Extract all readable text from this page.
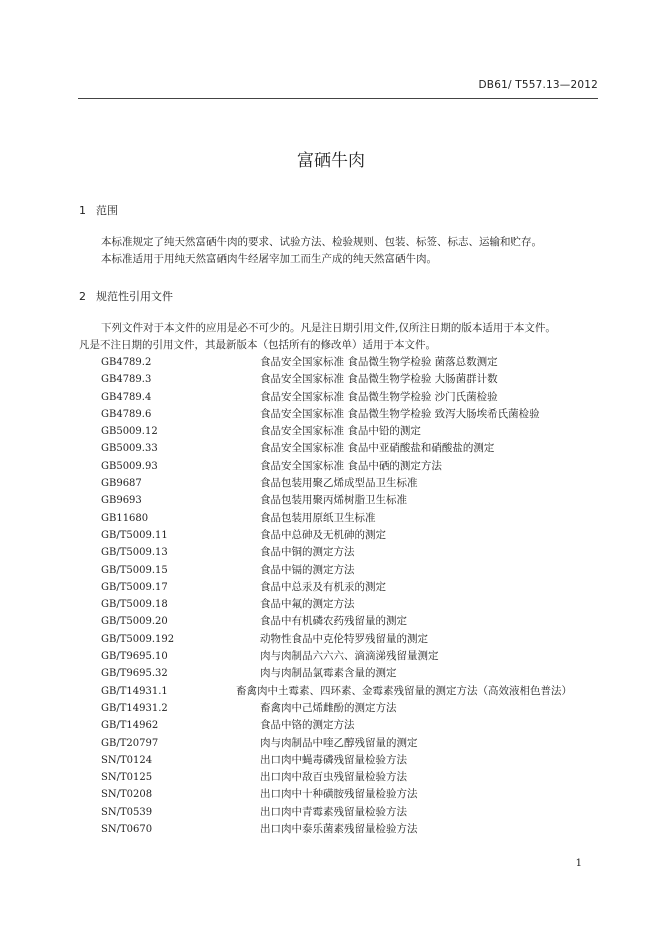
DB61/ T557.13—2012
富硒牛肉
1 范围
本标准规定了纯天然富硒牛肉的要求、试验方法、检验规则、包装、标签、标志、运输和贮存。
本标准适用于用纯天然富硒肉牛经屠宰加工而生产成的纯天然富硒牛肉。
2 规范性引用文件
下列文件对于本文件的应用是必不可少的。凡是注日期引用文件,仅所注日期的版本适用于本文件。
凡是不注日期的引用文件，其最新版本（包括所有的修改单）适用于本文件。
GB4789.2	食品安全国家标准 食品微生物学检验 菌落总数测定
GB4789.3	食品安全国家标准 食品微生物学检验 大肠菌群计数
GB4789.4	食品安全国家标准 食品微生物学检验 沙门氏菌检验
GB4789.6	食品安全国家标准 食品微生物学检验 致泻大肠埃希氏菌检验
GB5009.12	食品安全国家标准 食品中铅的测定
GB5009.33	食品安全国家标准 食品中亚硝酸盐和硝酸盐的测定
GB5009.93	食品安全国家标准 食品中硒的测定方法
GB9687	食品包装用聚乙烯成型品卫生标准
GB9693	食品包装用聚丙烯树脂卫生标准
GB11680	食品包装用原纸卫生标准
GB/T5009.11	食品中总砷及无机砷的测定
GB/T5009.13	食品中铜的测定方法
GB/T5009.15	食品中镉的测定方法
GB/T5009.17	食品中总汞及有机汞的测定
GB/T5009.18	食品中氟的测定方法
GB/T5009.20	食品中有机磷农药残留量的测定
GB/T5009.192	动物性食品中克伦特罗残留量的测定
GB/T9695.10	肉与肉制品六六六、滴滴涕残留量测定
GB/T9695.32	肉与肉制品氯霉素含量的测定
GB/T14931.1	畜禽肉中土霉素、四环素、金霉素残留量的测定方法（高效液相色普法）
GB/T14931.2	畜禽肉中己烯雌酚的测定方法
GB/T14962	食品中铬的测定方法
GB/T20797	肉与肉制品中喹乙醇残留量的测定
SN/T0124	出口肉中蝇毒磷残留量检验方法
SN/T0125	出口肉中敌百虫残留量检验方法
SN/T0208	出口肉中十种磺胺残留量检验方法
SN/T0539	出口肉中青霉素残留量检验方法
SN/T0670	出口肉中泰乐菌素残留量检验方法
1
